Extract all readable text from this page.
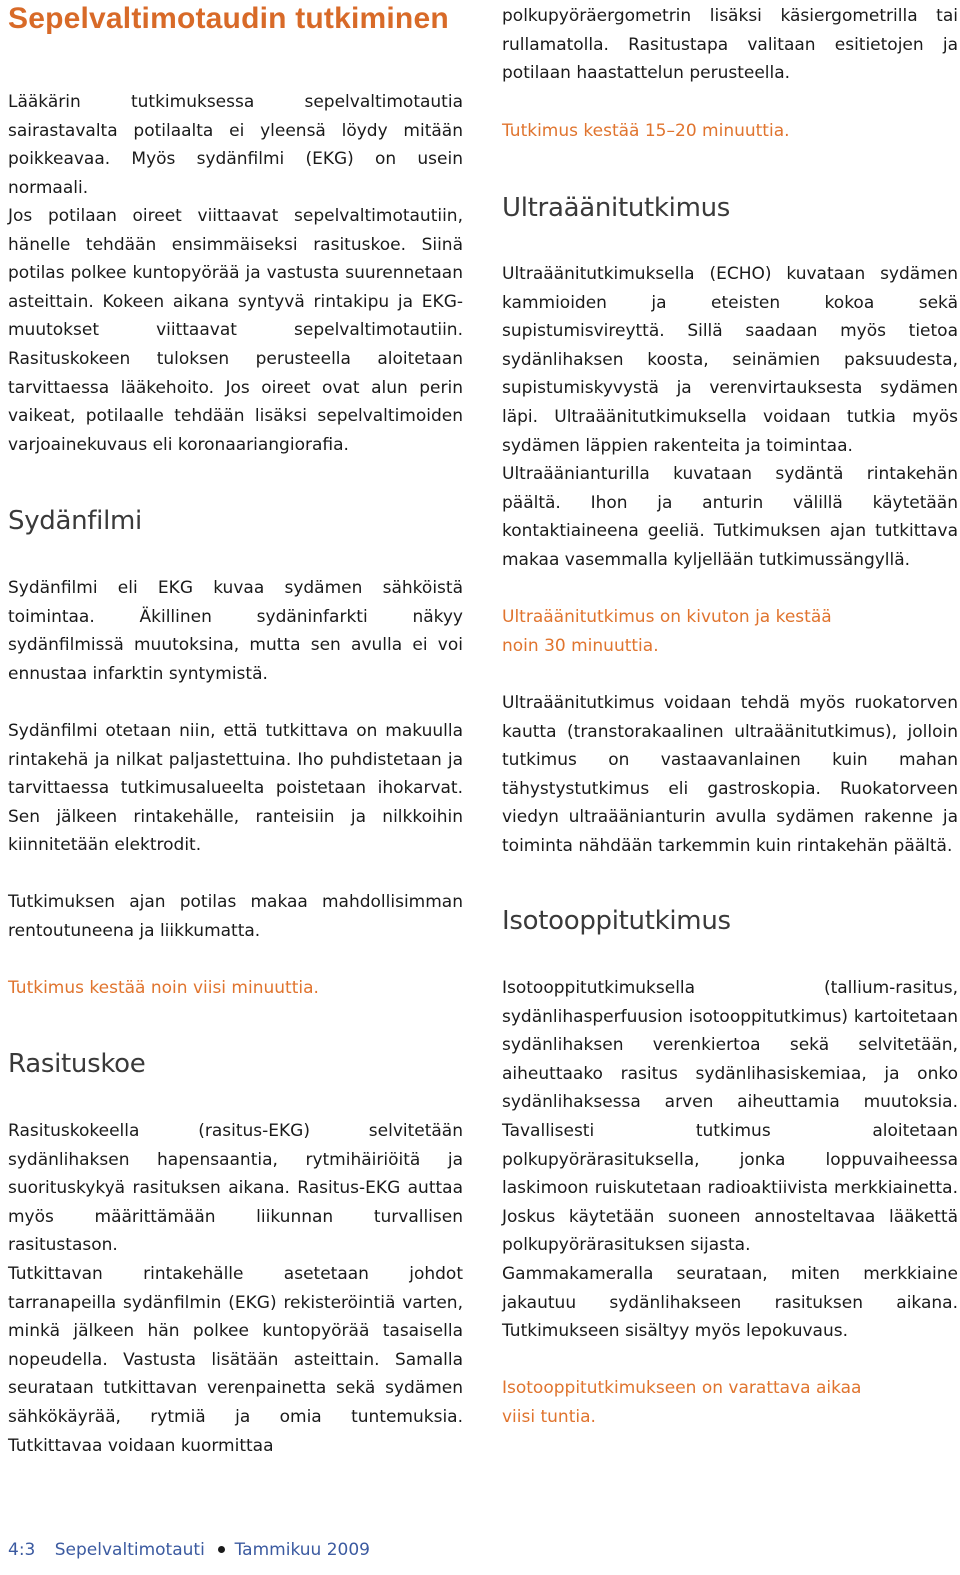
Sepelvaltimotaudin tutkiminen

Lääkärin tutkimuksessa sepelvaltimotautia sairastavalta potilaalta ei yleensä löydy mitään poikkeavaa. Myös sydänfilmi (EKG) on usein normaali.

Jos potilaan oireet viittaavat sepelvaltimotautiin, hänelle tehdään ensimmäiseksi rasituskoe. Siinä potilas polkee kuntopyörää ja vastusta suurennetaan asteittain. Kokeen aikana syntyvä rintakipu ja EKG-muutokset viittaavat sepelvaltimotautiin. Rasituskokeen tuloksen perusteella aloitetaan tarvittaessa lääkehoito. Jos oireet ovat alun perin vaikeat, potilaalle tehdään lisäksi sepelvaltimoiden varjoainekuvaus eli koronaariangiorafia.

Sydänfilmi

Sydänfilmi eli EKG kuvaa sydämen sähköistä toimintaa. Äkillinen sydäninfarkti näkyy sydänfilmissä muutoksina, mutta sen avulla ei voi ennustaa infarktin syntymistä.

Sydänfilmi otetaan niin, että tutkittava on makuulla rintakehä ja nilkat paljastettuina. Iho puhdistetaan ja tarvittaessa tutkimusalueelta poistetaan ihokarvat. Sen jälkeen rintakehälle, ranteisiin ja nilkkoihin kiinnitetään elektrodit.

Tutkimuksen ajan potilas makaa mahdollisimman rentoutuneena ja liikkumatta.

Tutkimus kestää noin viisi minuuttia.

Rasituskoe

Rasituskokeella (rasitus-EKG) selvitetään sydänlihaksen hapensaantia, rytmihäiriöitä ja suorituskykyä rasituksen aikana. Rasitus-EKG auttaa myös määrittämään liikunnan turvallisen rasitustason.

Tutkittavan rintakehälle asetetaan johdot tarranapeilla sydänfilmin (EKG) rekisteröintiä varten, minkä jälkeen hän polkee kuntopyörää tasaisella nopeudella. Vastusta lisätään asteittain. Samalla seurataan tutkittavan verenpainetta sekä sydämen sähkökäyrää, rytmiä ja omia tuntemuksia. Tutkittavaa voidaan kuormittaa

polkupyöräergometrin lisäksi käsiergometrilla tai rullamatolla. Rasitustapa valitaan esitietojen ja potilaan haastattelun perusteella.

Tutkimus kestää 15–20 minuuttia.

Ultraäänitutkimus

Ultraäänitutkimuksella (ECHO) kuvataan sydämen kammioiden ja eteisten kokoa sekä supistumisvireyttä. Sillä saadaan myös tietoa sydänlihaksen koosta, seinämien paksuudesta, supistumiskyvystä ja verenvirtauksesta sydämen läpi. Ultraäänitutkimuksella voidaan tutkia myös sydämen läppien rakenteita ja toimintaa.

Ultraäänianturilla kuvataan sydäntä rintakehän päältä. Ihon ja anturin välillä käytetään kontaktiaineena geeliä. Tutkimuksen ajan tutkittava makaa vasemmalla kyljellään tutkimussängyllä.

Ultraäänitutkimus on kivuton ja kestää noin 30 minuuttia.

Ultraäänitutkimus voidaan tehdä myös ruokatorven kautta (transtorakaalinen ultraäänitutkimus), jolloin tutkimus on vastaavanlainen kuin mahan tähystystutkimus eli gastroskopia. Ruokatorveen viedyn ultraäänianturin avulla sydämen rakenne ja toiminta nähdään tarkemmin kuin rintakehän päältä.

Isotooppitutkimus

Isotooppitutkimuksella (tallium-rasitus, sydänlihasperfuusion isotooppitutkimus) kartoitetaan sydänlihaksen verenkiertoa sekä selvitetään, aiheuttaako rasitus sydänlihasiskemiaa, ja onko sydänlihaksessa arven aiheuttamia muutoksia. Tavallisesti tutkimus aloitetaan polkupyörärasituksella, jonka loppuvaiheessa laskimoon ruiskutetaan radioaktiivista merkkiainetta. Joskus käytetään suoneen annosteltavaa lääkettä polkupyörärasituksen sijasta.

Gammakameralla seurataan, miten merkkiaine jakautuu sydänlihakseen rasituksen aikana. Tutkimukseen sisältyy myös lepokuvaus.

Isotooppitutkimukseen on varattava aikaa viisi tuntia.

4:3 Sepelvaltimotauti Tammikuu 2009
